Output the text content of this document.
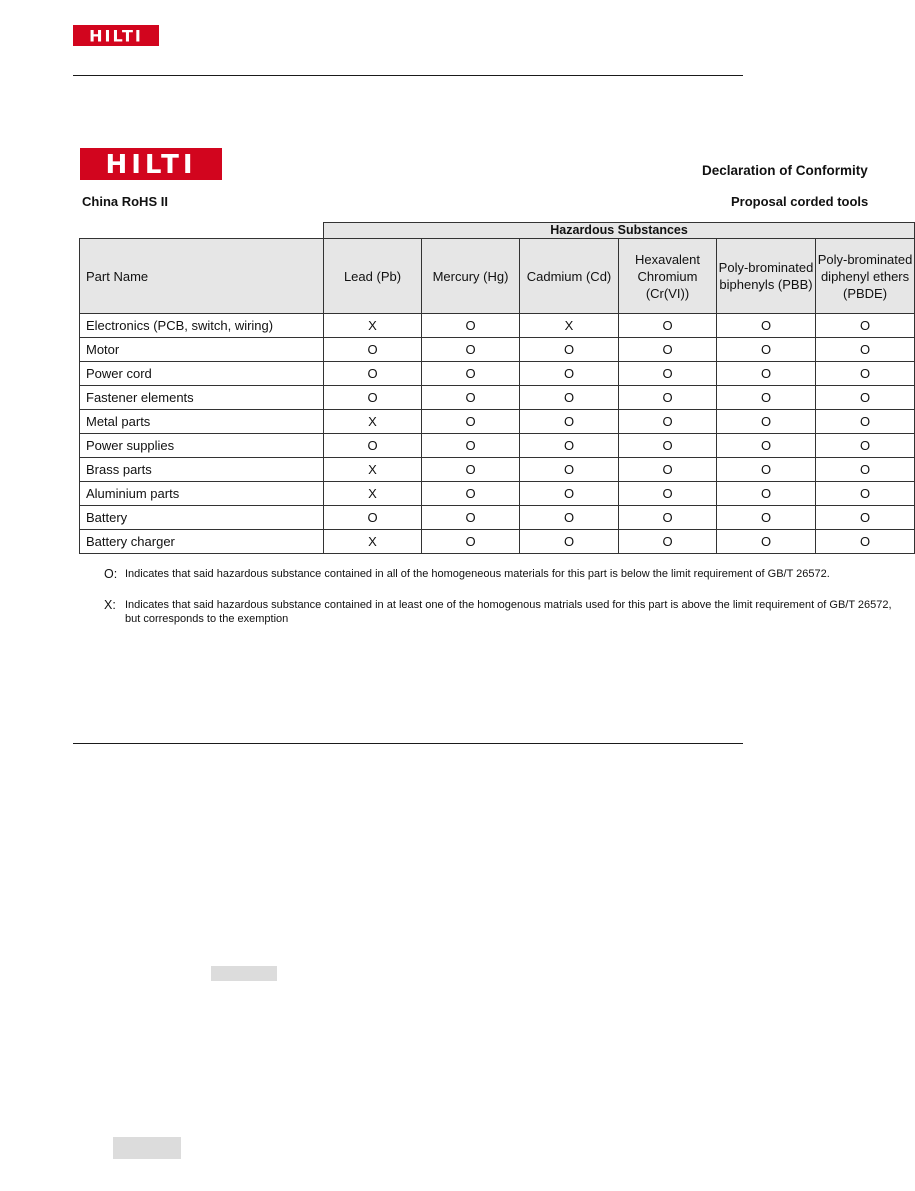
HILTI
HILTI	Declaration of Conformity
China RoHS II	Proposal corded tools
	Hazardous Substances					
Part Name	Lead (Pb)	Mercury (Hg)	Cadmium (Cd)	Hexavalent Chromium (Cr(VI))	Poly-brominated biphenyls (PBB)	Poly-brominated diphenyl ethers (PBDE)
Electronics (PCB, switch, wiring)	X	O	X	O	O	O
Motor	O	O	O	O	O	O
Power cord	O	O	O	O	O	O
Fastener elements	O	O	O	O	O	O
Metal parts	X	O	O	O	O	O
Power supplies	O	O	O	O	O	O
Brass parts	X	O	O	O	O	O
Aluminium parts	X	O	O	O	O	O
Battery	O	O	O	O	O	O
Battery charger	X	O	O	O	O	O
O: Indicates that said hazardous substance contained in all of the homogeneous materials for this part is below the limit requirement of GB/T 26572.
X: Indicates that said hazardous substance contained in at least one of the homogenous matrials used for this part is above the limit requirement of GB/T 26572,
but corresponds to the exemption
